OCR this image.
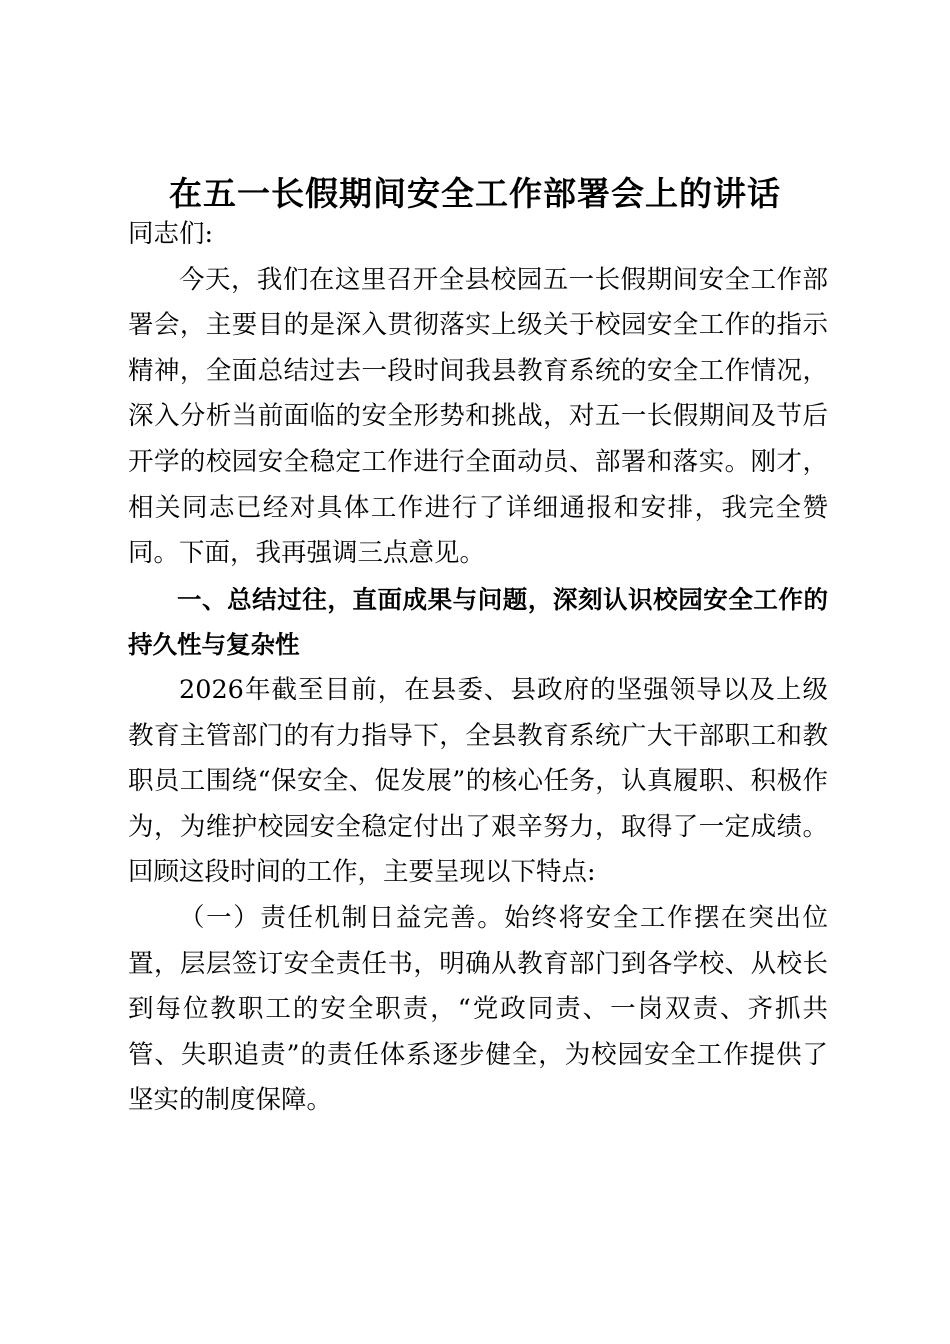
在五一长假期间安全工作部署会上的讲话

同志们:

今天，我们在这里召开全县校园五一长假期间安全工作部署会，主要目的是深入贯彻落实上级关于校园安全工作的指示精神，全面总结过去一段时间我县教育系统的安全工作情况，深入分析当前面临的安全形势和挑战，对五一长假期间及节后开学的校园安全稳定工作进行全面动员、部署和落实。刚才，相关同志已经对具体工作进行了详细通报和安排，我完全赞同。下面，我再强调三点意见。

一、总结过往，直面成果与问题，深刻认识校园安全工作的持久性与复杂性

2026年截至目前，在县委、县政府的坚强领导以及上级教育主管部门的有力指导下，全县教育系统广大干部职工和教职员工围绕“保安全、促发展”的核心任务，认真履职、积极作为，为维护校园安全稳定付出了艰辛努力，取得了一定成绩。回顾这段时间的工作，主要呈现以下特点:

（一）责任机制日益完善。始终将安全工作摆在突出位置，层层签订安全责任书，明确从教育部门到各学校、从校长到每位教职工的安全职责，“党政同责、一岗双责、齐抓共管、失职追责”的责任体系逐步健全，为校园安全工作提供了坚实的制度保障。
